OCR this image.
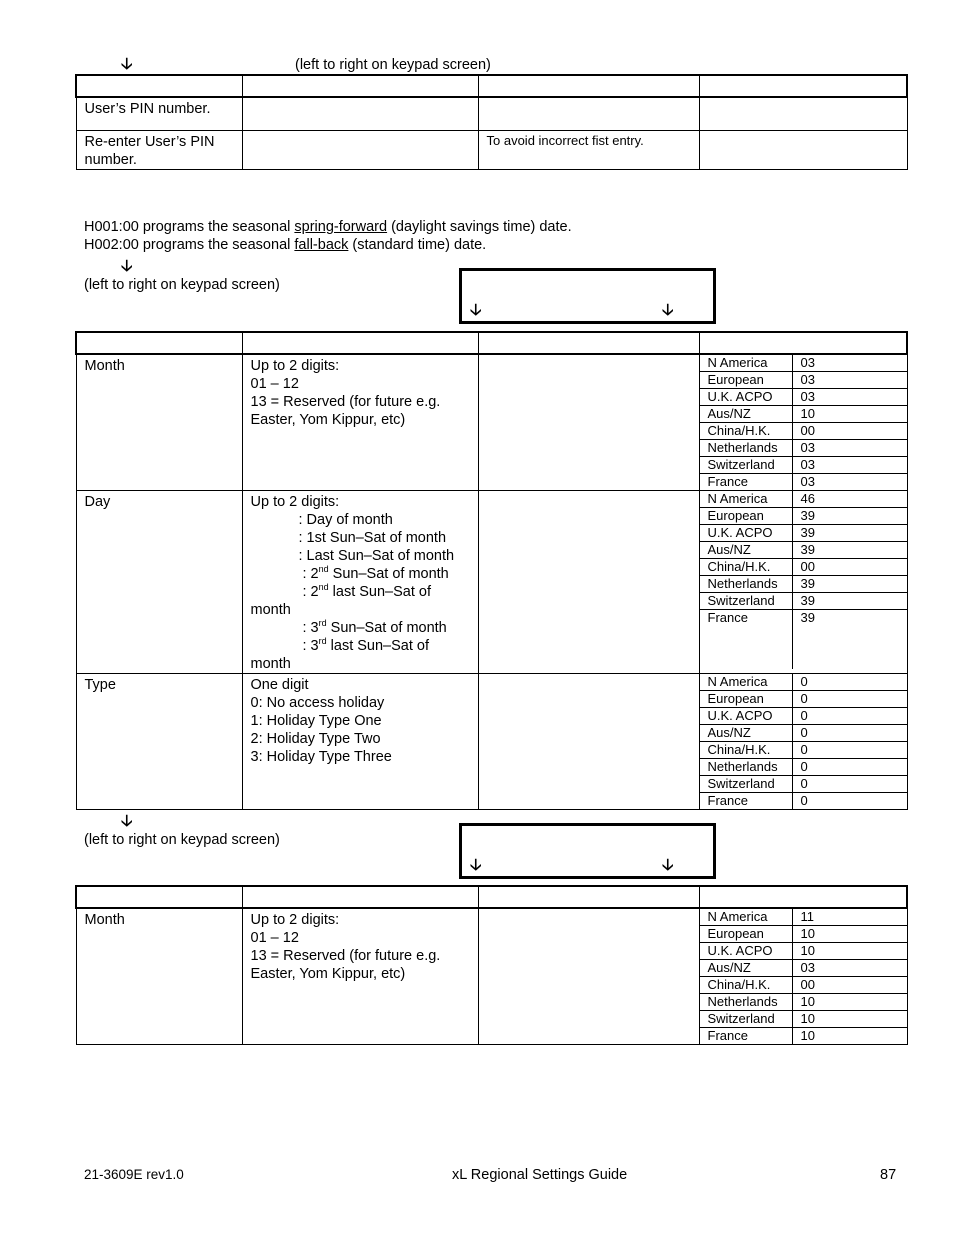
🡣	(left to right on keypad screen)

User’s PIN number.			

Re-enter User’s PIN number.		To avoid incorrect fist entry.	

H001:00 programs the seasonal spring-forward (daylight savings time) date.
H002:00 programs the seasonal fall-back (standard time) date.
🡣
(left to right on keypad screen)
🡣	🡣

Month	Up to 2 digits:
01 – 12
13 = Reserved (for future e.g.
Easter, Yom Kippur, etc)

N America	03
European	03
U.K. ACPO	03
Aus/NZ	10
China/H.K.	00
Netherlands	03
Switzerland	03
France	03

Day	Up to 2 digits:
: Day of month
: 1st Sun–Sat of month
: Last Sun–Sat of month
: 2nd Sun–Sat of month
: 2nd last Sun–Sat of
month
: 3rd Sun–Sat of month
: 3rd last Sun–Sat of
month

N America	46
European	39
U.K. ACPO	39
Aus/NZ	39
China/H.K.	00
Netherlands	39
Switzerland	39
France	39

Type	One digit
0: No access holiday
1: Holiday Type One
2: Holiday Type Two
3: Holiday Type Three

N America	0
European	0
U.K. ACPO	0
Aus/NZ	0
China/H.K.	0
Netherlands	0
Switzerland	0
France	0
🡣
(left to right on keypad screen)
🡣	🡣

Month	Up to 2 digits:
01 – 12
13 = Reserved (for future e.g.
Easter, Yom Kippur, etc)

N America	11
European	10
U.K. ACPO	10
Aus/NZ	03
China/H.K.	00
Netherlands	10
Switzerland	10
France	10
21-3609E rev1.0	xL Regional Settings Guide	87
